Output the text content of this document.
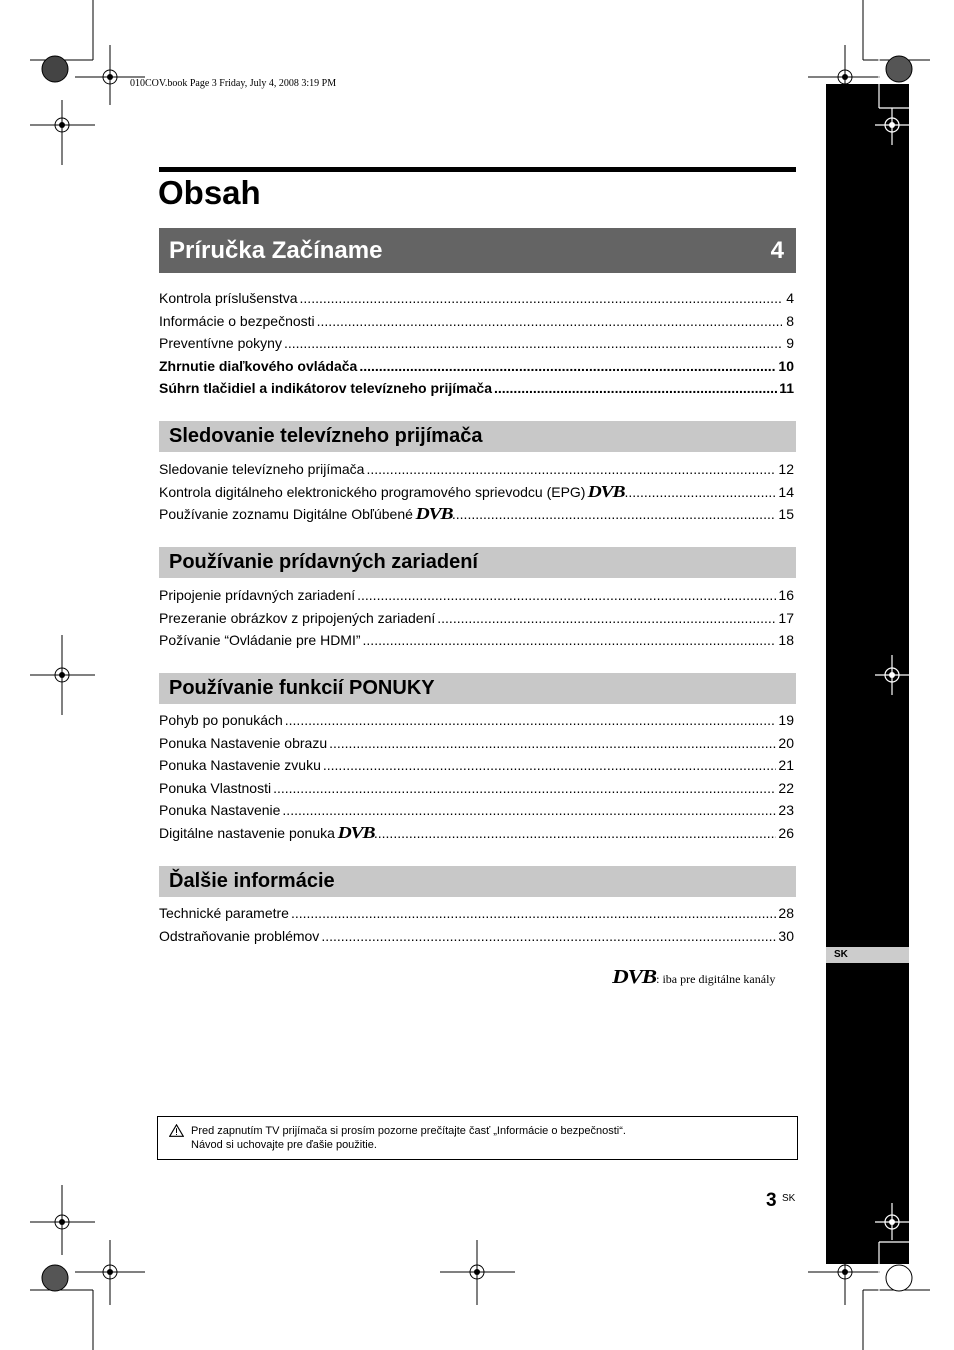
010COV.book Page 3 Friday, July 4, 2008 3:19 PM
SK
Obsah
Príručka Začíname	4
Kontrola príslušenstva .....	4
Informácie o bezpečnosti .....	8
Preventívne pokyny .....	9
Zhrnutie diaľkového ovládača .....	10
Súhrn tlačidiel a indikátorov televízneho prijímača .....	11
Sledovanie televízneho prijímača
Sledovanie televízneho prijímača .....	12
Kontrola digitálneho elektronického programového sprievodcu (EPG) DVB .....	14
Používanie zoznamu Digitálne Obľúbené DVB .....	15
Používanie prídavných zariadení
Pripojenie prídavných zariadení .....	16
Prezeranie obrázkov z pripojených zariadení .....	17
Požívanie “Ovládanie pre HDMI” .....	18
Používanie funkcií PONUKY
Pohyb po ponukách .....	19
Ponuka Nastavenie obrazu .....	20
Ponuka Nastavenie zvuku .....	21
Ponuka Vlastnosti .....	22
Ponuka Nastavenie .....	23
Digitálne nastavenie ponuka DVB .....	26
Ďalšie informácie
Technické parametre .....	28
Odstraňovanie problémov .....	30
DVB: iba pre digitálne kanály
Pred zapnutím TV prijímača si prosím pozorne prečítajte časť „Informácie o bezpečnosti“.
Návod si uchovajte pre ďašie použitie.
3 SK
